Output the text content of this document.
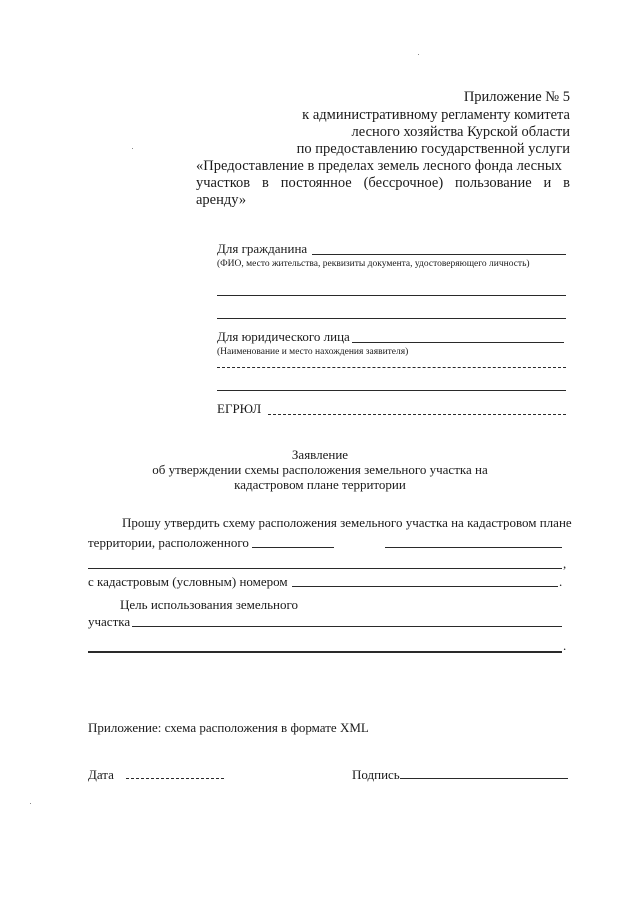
Приложение № 5
к административному регламенту комитета
лесного хозяйства Курской области
по предоставлению государственной услуги
«Предоставление в пределах земель лесного фонда лесных
участков в постоянное (бессрочное) пользование и в
аренду»
Для гражданина
(ФИО, место жительства, реквизиты документа, удостоверяющего личность)
Для юридического лица
(Наименование и место нахождения заявителя)
ЕГРЮЛ
Заявление
об утверждении схемы расположения земельного участка на
кадастровом плане территории
Прошу утвердить схему расположения земельного участка на кадастровом плане
территории, расположенного
,
с кадастровым (условным) номером	.
Цель использования земельного
участка
.
Приложение: схема расположения в формате XML
Дата	Подпись
